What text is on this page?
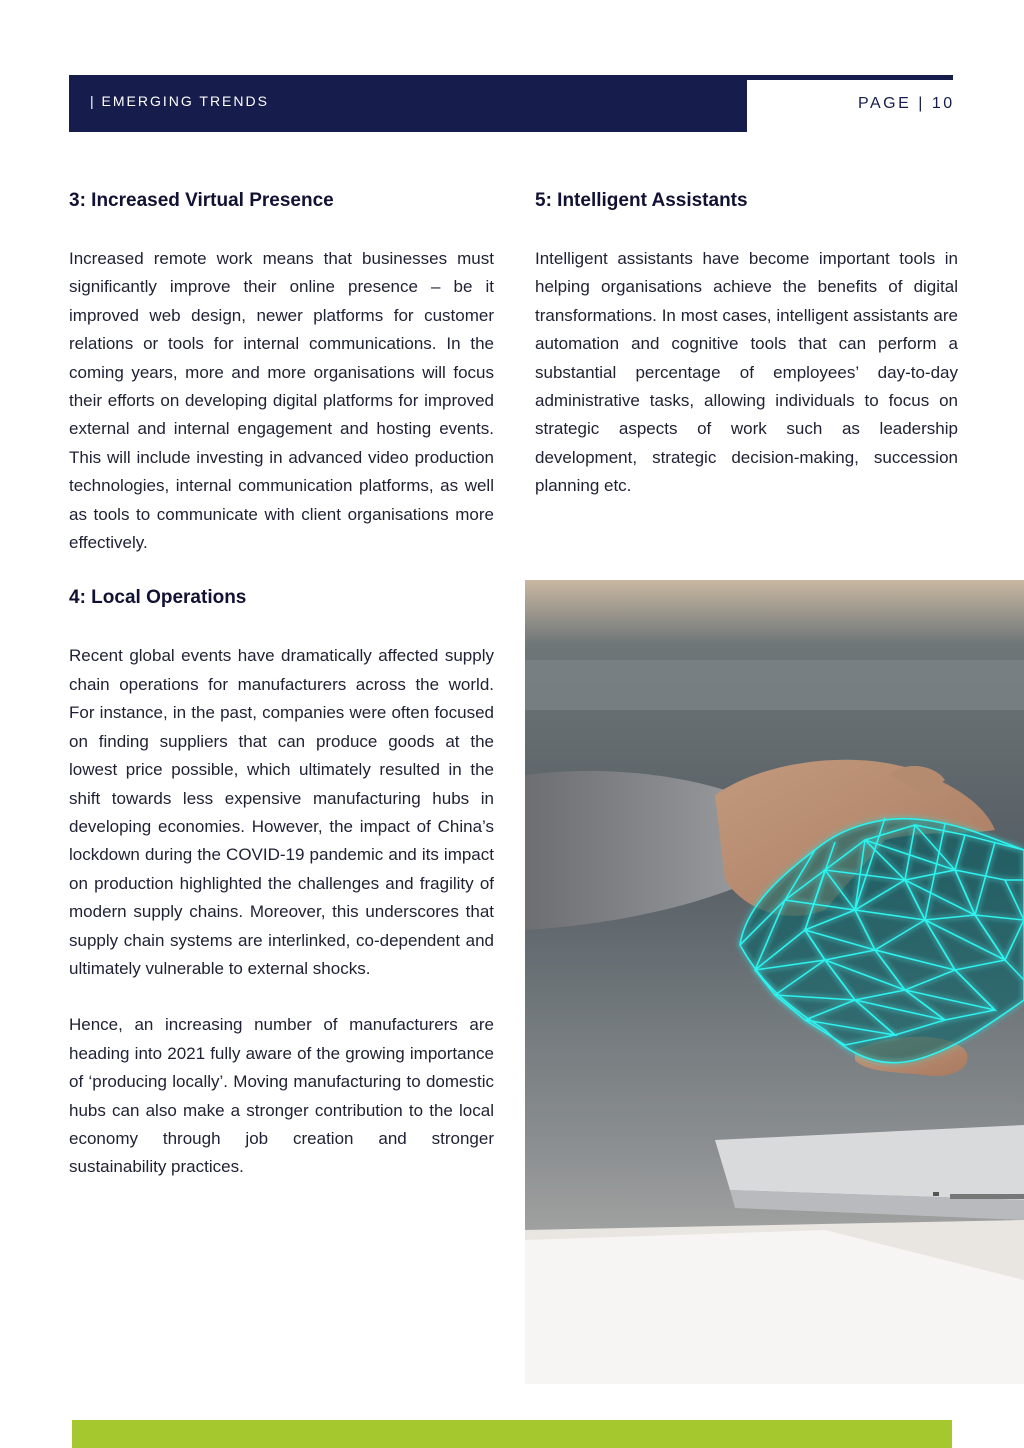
| EMERGING TRENDS	PAGE | 10
3: Increased Virtual Presence

Increased remote work means that businesses must significantly improve their online presence – be it improved web design, newer platforms for customer relations or tools for internal communications. In the coming years, more and more organisations will focus their efforts on developing digital platforms for improved external and internal engagement and hosting events. This will include investing in advanced video production technologies, internal communication platforms, as well as tools to communicate with client organisations more effectively.

4: Local Operations

Recent global events have dramatically affected supply chain operations for manufacturers across the world. For instance, in the past, companies were often focused on finding suppliers that can produce goods at the lowest price possible, which ultimately resulted in the shift towards less expensive manufacturing hubs in developing economies. However, the impact of China’s lockdown during the COVID-19 pandemic and its impact on production highlighted the challenges and fragility of modern supply chains. Moreover, this underscores that supply chain systems are interlinked, co-dependent and ultimately vulnerable to external shocks.

Hence, an increasing number of manufacturers are heading into 2021 fully aware of the growing importance of ‘producing locally’. Moving manufacturing to domestic hubs can also make a stronger contribution to the local economy through job creation and stronger sustainability practices.

5: Intelligent Assistants

Intelligent assistants have become important tools in helping organisations achieve the benefits of digital transformations. In most cases, intelligent assistants are automation and cognitive tools that can perform a substantial percentage of employees’ day-to-day administrative tasks, allowing individuals to focus on strategic aspects of work such as leadership development, strategic decision-making, succession planning etc.
